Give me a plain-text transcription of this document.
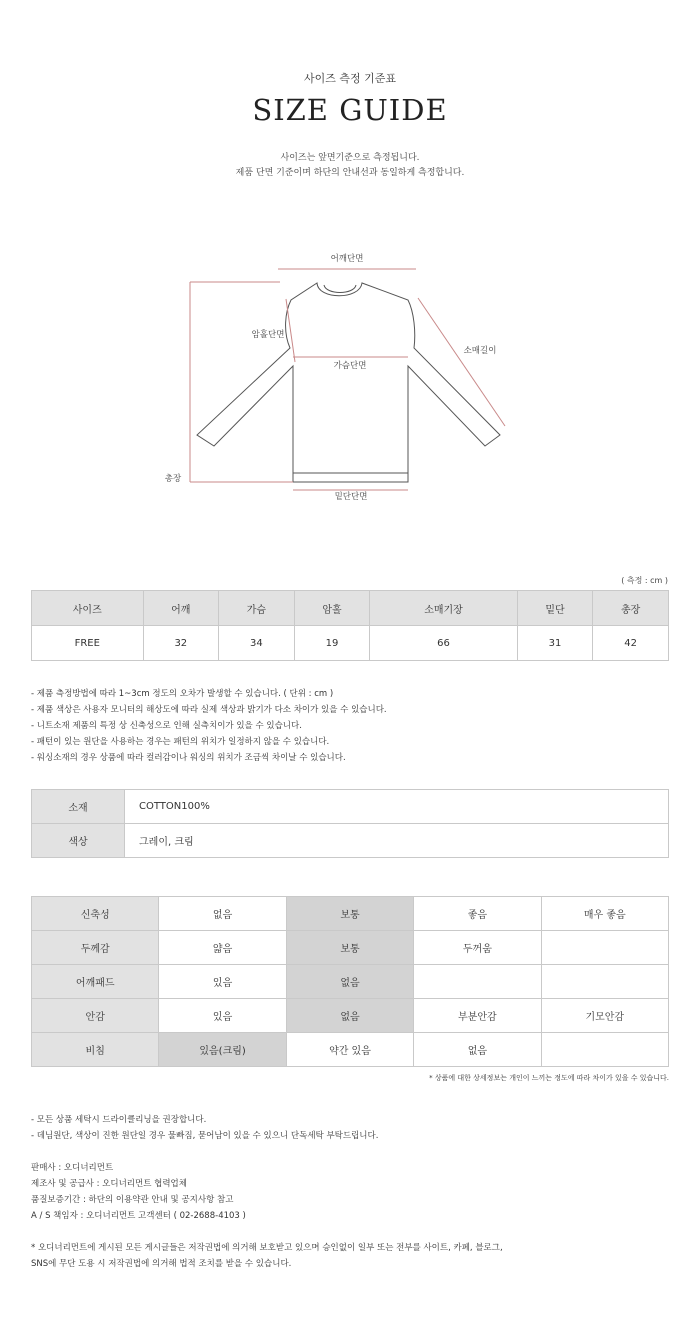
사이즈 측정 기준표
SIZE GUIDE
사이즈는 앞면기준으로 측정됩니다.
제품 단면 기준이며 하단의 안내선과 동일하게 측정합니다.
어깨단면
암홀단면
소매길이
가슴단면
총장
밑단단면
( 측정 : cm )
사이즈	어깨	가슴	암홀	소매기장	밑단	총장
FREE	32	34	19	66	31	42
- 제품 측정방법에 따라 1~3cm 정도의 오차가 발생할 수 있습니다. ( 단위 : cm )
- 제품 색상은 사용자 모니터의 해상도에 따라 실제 색상과 밝기가 다소 차이가 있을 수 있습니다.
- 니트소재 제품의 특정 상 신축성으로 인해 실측치이가 있을 수 있습니다.
- 패턴이 있는 원단을 사용하는 경우는 패턴의 위치가 일정하지 않을 수 있습니다.
- 워싱소재의 경우 상품에 따라 컬러감이나 워싱의 위치가 조금씩 차이날 수 있습니다.
소재	COTTON100%
색상	그레이, 크림
신축성	없음	보통	좋음	매우 좋음
두께감	얇음	보통	두꺼움	
어깨패드	있음	없음		
안감	있음	없음	부분안감	기모안감
비침	있음(크림)	약간 있음	없음	
* 상품에 대한 상세정보는 개인이 느끼는 정도에 따라 차이가 있을 수 있습니다.
- 모든 상품 세탁시 드라이클리닝을 권장합니다.
- 데님원단, 색상이 진한 원단일 경우 물빠짐, 묻어남이 있을 수 있으니 단독세탁 부탁드립니다.
판매사 : 오디너리먼트
제조사 및 공급사 : 오디너리먼트 협력업체
품질보증기간 : 하단의 이용약관 안내 및 공지사항 참고
A / S 책임자 : 오디너리먼트 고객센터 ( 02-2688-4103 )
* 오디너리먼트에 게시된 모든 게시글들은 저작권법에 의거해 보호받고 있으며 승인없이 일부 또는 전부를 사이트, 카페, 블로그,
SNS에 무단 도용 시 저작권법에 의거해 법적 조치를 받을 수 있습니다.
